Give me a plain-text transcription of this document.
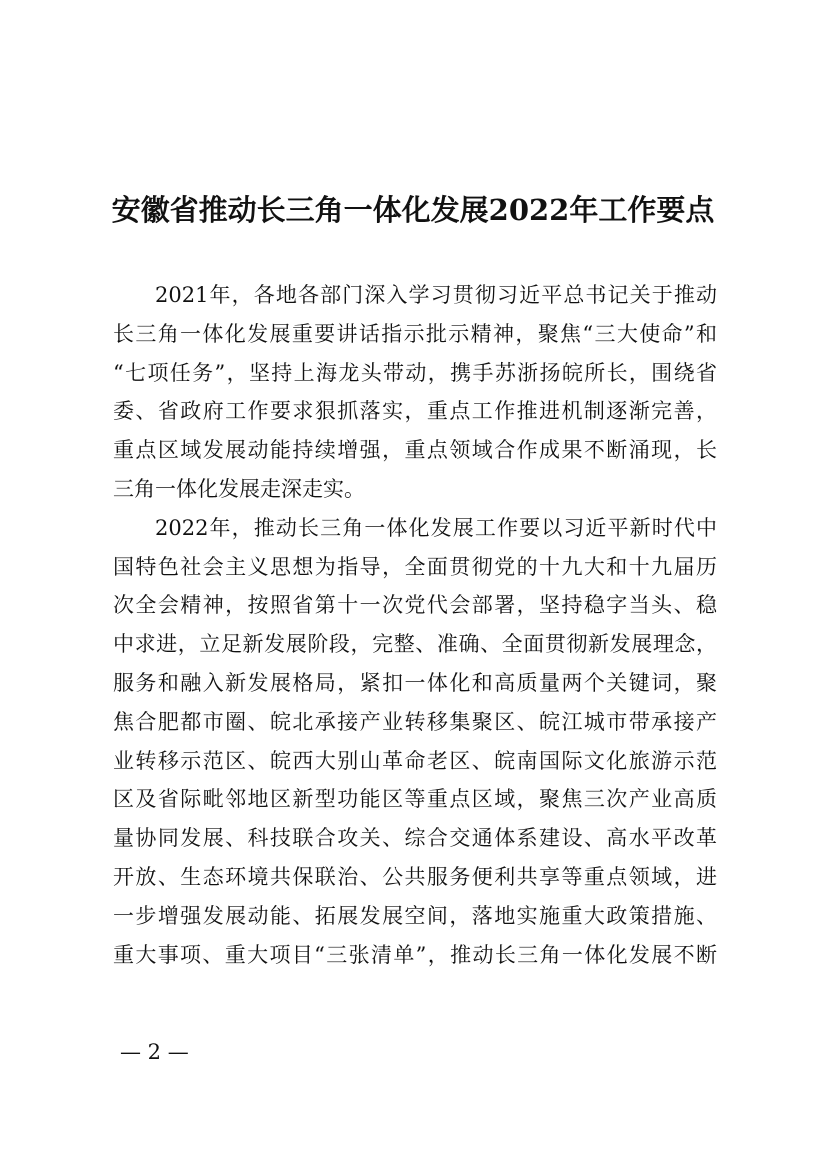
安徽省推动长三角一体化发展2022年工作要点
2021年，各地各部门深入学习贯彻习近平总书记关于推动
长三角一体化发展重要讲话指示批示精神，聚焦“三大使命”和
“七项任务”，坚持上海龙头带动，携手苏浙扬皖所长，围绕省
委、省政府工作要求狠抓落实，重点工作推进机制逐渐完善，
重点区域发展动能持续增强，重点领域合作成果不断涌现，长
三角一体化发展走深走实。
2022年，推动长三角一体化发展工作要以习近平新时代中
国特色社会主义思想为指导，全面贯彻党的十九大和十九届历
次全会精神，按照省第十一次党代会部署，坚持稳字当头、稳
中求进，立足新发展阶段，完整、准确、全面贯彻新发展理念，
服务和融入新发展格局，紧扣一体化和高质量两个关键词，聚
焦合肥都市圈、皖北承接产业转移集聚区、皖江城市带承接产
业转移示范区、皖西大别山革命老区、皖南国际文化旅游示范
区及省际毗邻地区新型功能区等重点区域，聚焦三次产业高质
量协同发展、科技联合攻关、综合交通体系建设、高水平改革
开放、生态环境共保联治、公共服务便利共享等重点领域，进
一步增强发展动能、拓展发展空间，落地实施重大政策措施、
重大事项、重大项目“三张清单”，推动长三角一体化发展不断
— 2 —
